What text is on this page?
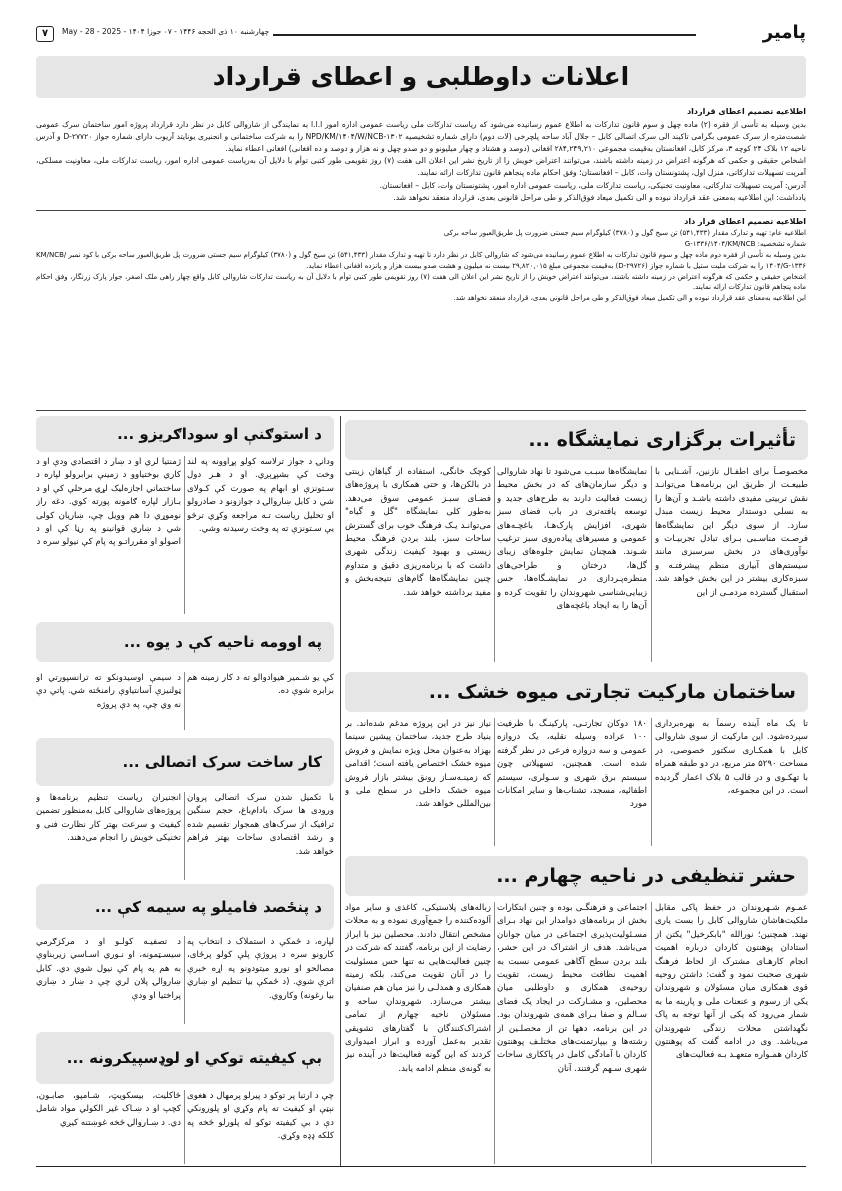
پامیر
چهارشنبه ۱۰ ذی الحجه ۱۴۴۶ - ۰۷ جوزا ۱۴۰۴ - May - 28 - 2025
۷
اعلانات داوطلبی و اعطای قرارداد
اطلاعیه تصمیم اعطای قرارداد
بدین وسیله به تأسی از فقره (۲) ماده چهل و سوم قانون تدارکات به اطلاع عموم رسانیده می‌شود که ریاست تدارکات ملی ریاست عمومی اداره امور ا.ا.ا به نمایندگی از شاروالی کابل در نظر دارد قرارداد پروژه امور ساختمان سرک عمومی شصت‌متره از سرک عمومی بگرامی تاکیند الی سرک اتصالی کابل – جلال آباد ساحه پلچرخی (لات دوم) دارای شماره تشخیصیه NPD/KM/۱۴۰۴/W/NCB-۱۳۰۲ را به شرکت ساختمانی و انجنیری یونایتد آریوب دارای شماره جواز D-۲۷۷۲۰ و آدرس ناحیه ۱۲ بلاک ۲۴ کوچه ۳، مرکز کابل، افغانستان به‌قیمت مجموعی ۲۸۴,۲۴۹,۲۱۰ افغانی (دوصد و هشتاد و چهار میلیونو و دو صدو چهل و نه هزار و دوصد و ده افغانی) افغانی اعطاء نماید.
اشخاص حقیقی و حکمی که هرگونه اعتراض در زمینه داشته باشند، می‌توانند اعتراض خویش را از تاریخ نشر این اعلان الی هفت (۷) روز تقویمی طور کتبی توأم با دلایل آن به‌ریاست عمومی اداره امور، ریاست تدارکات ملی، معاونیت مسلکی، آمریت تسهیلات تدارکاتی، منزل اول، پشتونستان وات، کابل – افغانستان؛ وفق احکام ماده پنجاهم قانون تدارکات ارائه نمایند.
آدرس: آمریت تسهیلات تدارکاتی، معاونیت تخنیکی، ریاست تدارکات ملی، ریاست عمومی اداره امور، پشتونستان وات، کابل – افغانستان.
یادداشت: این اطلاعیه به‌معنی عقد قرارداد نبوده و الی تکمیل میعاد فوق‌الذکر و طی مراحل قانونی بعدی، قرارداد منعقد نخواهد شد.
اطلاعیه تصمیم اعطای قرار داد
اطلاعیه عام: تهیه و تدارک مقدار (۵۴۱,۴۳۳) تن سیخ گول و (۳۷۸۰) کیلوگرام سیم جستی ضرورت پل طریق‌العبور ساحه برکی
شماره تشخصیه: G-۱۳۳۶/۱۴۰۴/KM/NCB
بدین وسیله به تأسی از فقره دوم ماده چهل و سوم قانون تدارکات به اطلاع عموم رسانیده می‌شود که شاروالی کابل در نظر دارد تا تهیه و تدارک مقدار (۵۴۱,۴۳۳) تن سیخ گول و (۳۷۸۰) کیلوگرام سیم جستی ضرورت پل طریق‌العبور ساحه برکی با کود نمبر KM/NCB/۱۴۰۴/G-۱۳۳۶ را به شرکت ملیت ستیل با شماره جواز (D-۲۹۷۲۶) به‌قیمت مجموعی مبلغ ۲۹,۸۲۰,۰۱۵ بیست نه میلیون و هشت صدو بیست هزار و پانزده افغانی اعطاء نماید.
اشخاص حقیقی و حکمی که هرگونه اعتراض در زمینه داشته باشند، می‌توانند اعتراض خویش را از تاریخ نشر این اعلان الی هفت (۷) روز تقویمی طور کتبی توأم با دلایل آن به ریاست تدارکات شاروالی کابل واقع چهار راهی ملک اصغر، جوار پارک زرنگار، وفق احکام ماده پنجاهم قانون تدارکات ارائه نمایند.
این اطلاعیه به‌معنای عقد قرارداد نبوده و الی تکمیل میعاد فوق‌الذکر و طی مراحل قانونی بعدی، قرارداد منعقد نخواهد شد.
تأثیرات برگزاری نمایشگاه ...
مخصوصـاً برای اطفـال نازنین، آشـنایی با طبیعـت از طریق این برنامه‌هـا می‌توانـد نقش تربیتی مفیدی داشته باشـد و آن‌ها را به نسلی دوستدار محیط زیست مبدل سازد. از سوی دیگر این نمایشگاه‌ها فرصـت مناسـبی بـرای تبادل تجربیـات و نوآوری‌های در بخش سرسبزی مانند سیستم‌های آبیاری منظم پیشرفتـه و سبزه‌کاری بیشتر در این بخش خواهد شد. استقبال گسترده مردمـی از این
نمایشگاه‌ها سبـب می‌شود تا نهاد شاروالی و دیگر سازمان‌های که در بخش محیط زیست فعالیت دارند به طرح‌های جدید و توسعه یافته‌تری در باب فضای سبز شهری، افزایش پارک‌هـا، باغچـه‌های عمومی و مسیرهای پیاده‌روی سبز ترغیب شـوند. همچنان نمایش جلوه‌های زیبای گل‌ها، درختان و طراحی‌های منظره‌پـردازی در نمایشـگاه‌ها، حس زیبایی‌شناسی شهروندان را تقویت کرده و آن‌ها را به ایجاد باغچه‌های
کوچک خانگی، استفاده از گیاهان زینتی در بالکن‌ها، و حتی همکاری با پروژه‌های فضـای سبـز عمومی سوق می‌دهد. به‌طور کلی نمایشگاه "گل و گیاه" می‌توانـد یـک فرهنگ خوب برای گسترش ساحات سبز، بلند بردن فرهنگ محیط زیستی و بهبود کیفیت زندگی شهری داشت که با برنامه‌ریزی دقیق و متداوم چنین نمایشگاه‌ها گام‌های نتیجه‌بخش و مفید برداشته خواهد شد.
ساختمان مارکیت تجارتی میوه خشک ...
تا یک ماه آینده رسماً به بهره‌برداری سپرده‌شود. این مارکیت از سوی شاروالی کابل با همکـاری سکتور خصوصی، در مساحت ۵۲۹۰ متر مربع، در دو طبقه همراه با تهکـوی و در قالب ۵ بلاک اعمار گردیده است. در این مجموعه،
۱۸۰ دوکان تجارتـی، پارکینـگ با ظرفیت ۱۰۰ عراده وسیله نقلیه، یک دروازه عمومی و سه دروازه فرعی در نظر گرفته شده است. همچنین، تسهیلاتی چون سیستم برق شهری و سـولری، سیستم اطفائیه، مسجد، تشناب‌ها و سایر امکانات مورد
نیاز نیز در این پروژه مدغم شده‌اند. بر بنیاد طرح جدید، ساختمان پیشین سینما بهزاد به‌عنوان محل ویژه نمایش و فروش میوه خشک اختصاص یافته است؛ اقدامی که زمینـه‌سـاز رونق بیشتر بازار فروش میوه خشک داخلی در سطح ملی و بین‌المللی خواهد شد.
حشر تنظیفی در ناحیه چهارم ...
عمـوم شـهروندان در حفظ پاکی مقابل ملکیت‌هاشان شاروالی کابل را بست یاری نهند. همچنین؛ نورالله "بابکرخیل" یکتن از استادان پوهنتون کاردان درباره اهمیت انجام کارهـای مشترک از لحاظ فرهنگ شهری صحبت نمود و گفت: داشتن روحیه قوی همکاری میان مسئولان و شهروندان یکی از رسوم و عنعنات ملی و پارینه ما به شمار می‌رود که یکی از آنها توجه به پاک نگهداشتن محلات زندگی شهروندان می‌باشد. وی در ادامه گفت که پوهنتون کاردان همـواره متعهـد بـه فعالیت‌های
اجتماعی و فرهنگـی بوده و چنین ابتکارات بخش از برنامه‌های دوامدار این نهاد بـرای مسـئولیت‌پذیری اجتماعی در میان جوانان می‌باشد. هدف از اشتراک در این حشر، بلند بردن سطح آگاهی عمومی نسبت به اهمیت نظافت محیط زیست، تقویت روحیه‌ی همکاری و داوطلبی میان محصلین، و مشـارکت در ایجاد یک فضای سـالم و صفا بـرای همه‌ی شهروندان بود. در این برنامه، دهها تن از محصلـین از رشته‌ها و بیپارتمنت‌های مختلـف پوهنتون کاردان با آمادگی کامل در پاککاری ساحات شهری سـهم گرفتند. آنان
زباله‌های پلاستیکی، کاغذی و سایر مواد آلوده‌کننده را جمع‌آوری نموده و به محلات مشخص انتقال دادند. محصلین نیز با ابراز رضایت از این برنامه، گفتند که شرکت در چنین فعالیت‌هایی نه تنها حس مسئولیت را در آنان تقویت می‌کند، بلکه زمینه همکاری و همدلـی را نیز میان هم صنفیان بیشتر می‌سازد. شهروندان ساحه و مسئولان ناحیه چهارم از تمامی اشتراک‌کنندگان با گفتارهای تشویقی تقدیر به‌عمل آورده و ابراز امیدواری کردند که این گونه فعالیت‌ها در آینده نیز به گونه‌ی منظم ادامه یابد.
د استوګنې او سوداګریزو ...
ودانۍ د جواز ترلاسه کولو پړاوونه په لند وخت کې بشپړېږي. او د هـر دول سـتونزې او ابهام په صورت کې کـولای شي د کابل ښاروالۍ د جوازونو د صادرولو او تحلیل ریاست تـه مراجعه وکړي ترڅو یې سـتونزې ته په وخت رسیدنه وشي.
ژمنتیا لري او د ښار د اقتصادي ودې او د کاري بوختیاوو د زمینې برابرولو لپاره د ساختماني اجازه‌لیک لړۍ مرحلې کې او د بـازار لپاره ګامونه پورته کوي. دغه راز نوموړي دا هم وویل چې، ښاریان کولی شي د ښاري قوانینو په رڼا کې او د اصولو او مقرراتـو په پام کې نیولو سره د
په اوومه ناحیه کې د یوه ...
کې یو شـمیر هیوادوالو ته د کار زمینه هم برابره شوې ده.
د سیمې اوسیدونکو ته ترانسپورتي او ټولنیزې آسانتیاوې رامنځته شي. پاتې دې نه وي چې، په دې پروژه
کار ساخت سرک اتصالی ...
با تکمیل شدن سرک اتصالی پروان ورودی ها سرک بادام‌باغ، حجم سنگین ترافیک از سرک‌های همجوار تقسیم شده و رشد اقتصادی ساحات بهتر فراهم خواهد شد.
انجنیران ریاست تنظیم برنامه‌ها و پروژه‌های شاروالی کابل به‌منظور تضمین کیفیت و سرعت بهتر کار نظارت فنی و تخنیکی خویش را انجام می‌دهند.
د پنځصد فامیلو په سیمه کې ...
لپاره، د ځمکې د استملاک د انتخاب په کارونو سره د پروژې پلې کولو پرځای، مصالحو او نورو میتودونو په اړه خبرې اترې شوي. (د ځمکې بیا تنظیم او ښاري بیا رغونه) وکاروي.
د تصفیـه کولـو او د مرکزګرمي سیسـټمونه، او نـوري اسـاسي زیربناوې به هم په پام کې نیول شوي دي. کابل ښاروالۍ پلان لري چې د ښار د ښاري پراختیا او ودې
بې کیفیته توکي او لوډسپیکرونه ...
چې د ارتبا پر توکو د پیرلو پرمهال د هغوی نېټې او کیفیت ته پام وکړي او پلورونکي دې د بې کیفیته توکو له پلورلو څخه په کلکه ډډه وکړي.
څاکلیت، بیسکویټ، شـامپو، صابـون، کچپ او د ښـاک غیر الکولي مواد شامل دي. د ښـاروالۍ څخه غوښتنه کیږي
